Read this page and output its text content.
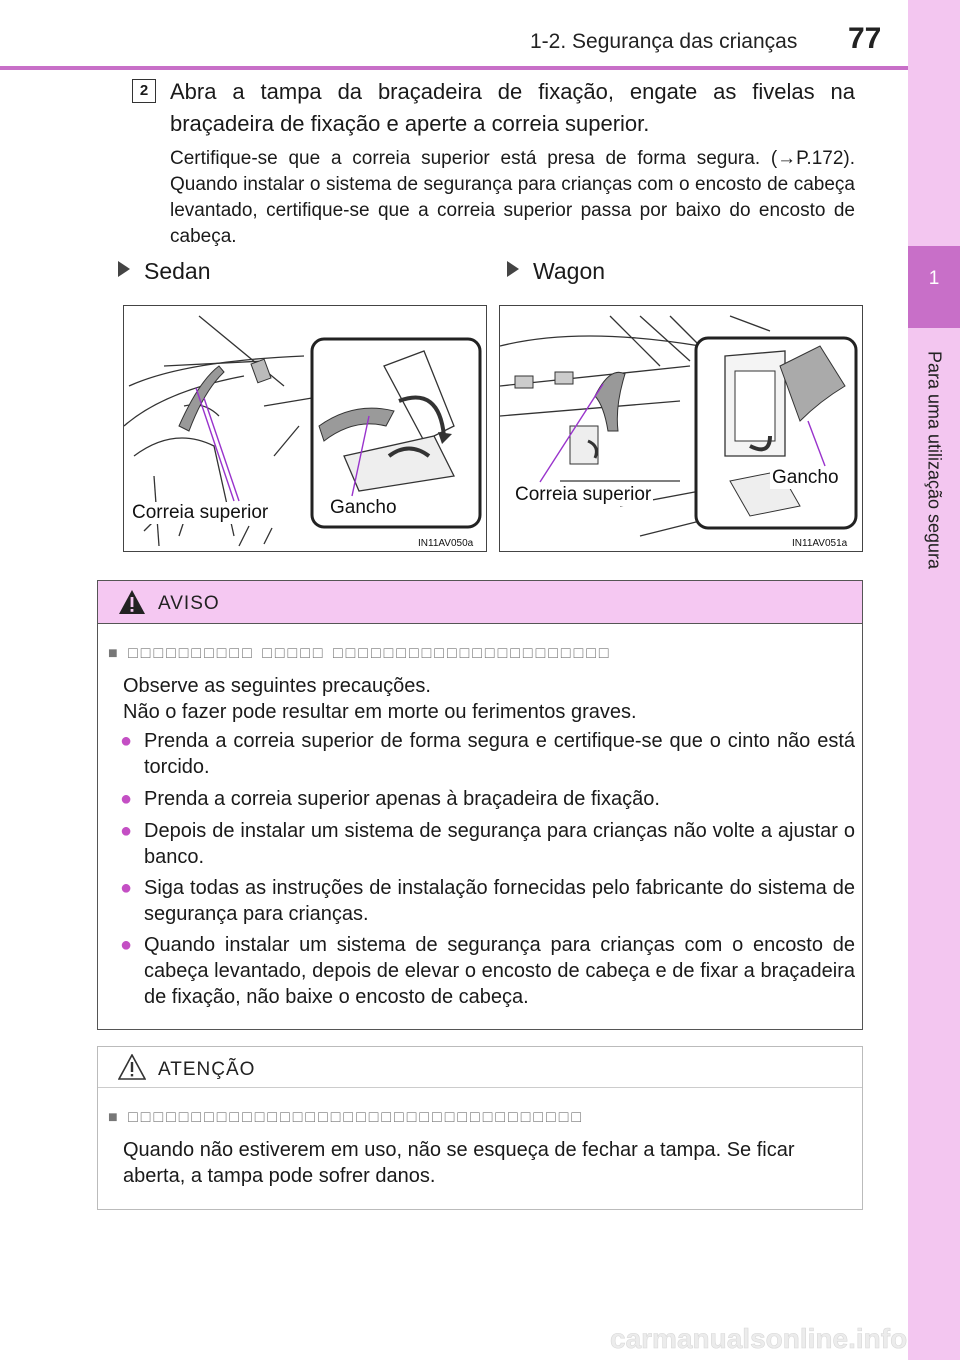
1-2. Segurança das crianças 77
1
Para uma utilização segura
2 Abra a tampa da braçadeira de fixação, engate as fivelas na braçadeira de fixação e aperte a correia superior.
Certifique-se que a correia superior está presa de forma segura. (→P.172). Quando instalar o sistema de segurança para crianças com o encosto de cabeça levantado, certifique-se que a correia superior passa por baixo do encosto de cabeça.
Sedan	Wagon
Correia superior	Gancho
IN11AV050a
Correia superior
Gancho
IN11AV051a
AVISO
■ □□□□□□□□□□ □□□□□ □□□□□□□□□□□□□□□□□□□□□□
Observe as seguintes precauções.
Não o fazer pode resultar em morte ou ferimentos graves.
● Prenda a correia superior de forma segura e certifique-se que o cinto não está torcido.
● Prenda a correia superior apenas à braçadeira de fixação.
● Depois de instalar um sistema de segurança para crianças não volte a ajustar o banco.
● Siga todas as instruções de instalação fornecidas pelo fabricante do sistema de segurança para crianças.
● Quando instalar um sistema de segurança para crianças com o encosto de cabeça levantado, depois de elevar o encosto de cabeça e de fixar a braçadeira de fixação, não baixe o encosto de cabeça.
ATENÇÃO
■ □□□□□□□□□□□□□□□□□□□□□□□□□□□□□□□□□□□□
Quando não estiverem em uso, não se esqueça de fechar a tampa. Se ficar aberta, a tampa pode sofrer danos.
carmanualsonline.info
